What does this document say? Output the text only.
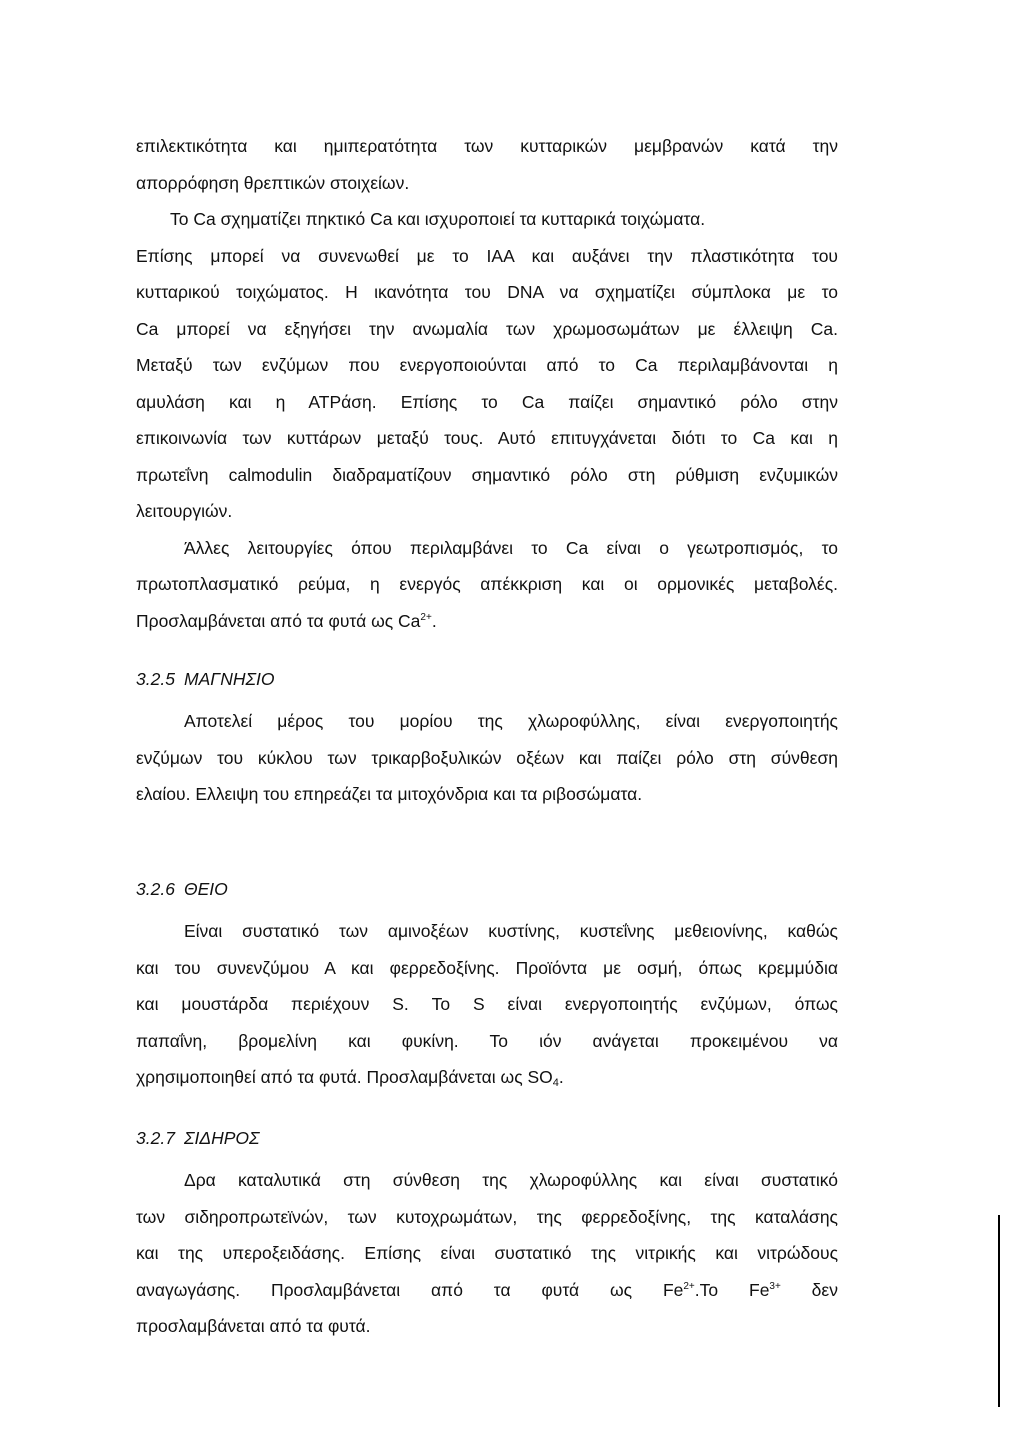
επιλεκτικότητα και ημιπερατότητα των κυτταρικών μεμβρανών κατά την
απορρόφηση θρεπτικών στοιχείων.
Το Ca σχηματίζει πηκτικό Ca και ισχυροποιεί τα κυτταρικά τοιχώματα.
Επίσης μπορεί να συνενωθεί με το ΙΑΑ και αυξάνει την πλαστικότητα του
κυτταρικού τοιχώματος. Η ικανότητα του DNA να σχηματίζει σύμπλοκα με το
Ca μπορεί να εξηγήσει την ανωμαλία των χρωμοσωμάτων με έλλειψη Ca.
Μεταξύ των ενζύμων που ενεργοποιούνται από το Ca περιλαμβάνονται η
αμυλάση και η ΑΤΡάση. Επίσης το Ca παίζει σημαντικό ρόλο στην
επικοινωνία των κυττάρων μεταξύ τους. Αυτό επιτυγχάνεται διότι το Ca και η
πρωτεΐνη calmodulin διαδραματίζουν σημαντικό ρόλο στη ρύθμιση ενζυμικών
λειτουργιών.
Άλλες λειτουργίες όπου περιλαμβάνει το Ca είναι ο γεωτροπισμός, το
πρωτοπλασματικό ρεύμα, η ενεργός απέκκριση και οι ορμονικές μεταβολές.
Προσλαμβάνεται από τα φυτά ως $Ca^{2+}$.
3.2.5 ΜΑΓΝΗΣΙΟ
Αποτελεί μέρος του μορίου της χλωροφύλλης, είναι ενεργοποιητής
ενζύμων του κύκλου των τρικαρβοξυλικών οξέων και παίζει ρόλο στη σύνθεση
ελαίου. Ελλειψη του επηρεάζει τα μιτοχόνδρια και τα ριβοσώματα.
3.2.6 ΘΕΙΟ
Είναι συστατικό των αμινοξέων κυστίνης, κυστεΐνης μεθειονίνης, καθώς
και του συνενζύμου Α και φερρεδοξίνης. Προϊόντα με οσμή, όπως κρεμμύδια
και μουστάρδα περιέχουν S. Το S είναι ενεργοποιητής ενζύμων, όπως
παπαΐνη, βρομελίνη και φυκίνη. Το ιόν ανάγεται προκειμένου να
χρησιμοποιηθεί από τα φυτά. Προσλαμβάνεται ως $SO_4$.
3.2.7 ΣΙΔΗΡΟΣ
Δρα καταλυτικά στη σύνθεση της χλωροφύλλης και είναι συστατικό
των σιδηροπρωτεϊνών, των κυτοχρωμάτων, της φερρεδοξίνης, της καταλάσης
και της υπεροξειδάσης. Επίσης είναι συστατικό της νιτρικής και νιτρώδους
αναγωγάσης. Προσλαμβάνεται από τα φυτά ως $Fe^{2+}.To$ $Fe^{3+}$ δεν
προσλαμβάνεται από τα φυτά.
